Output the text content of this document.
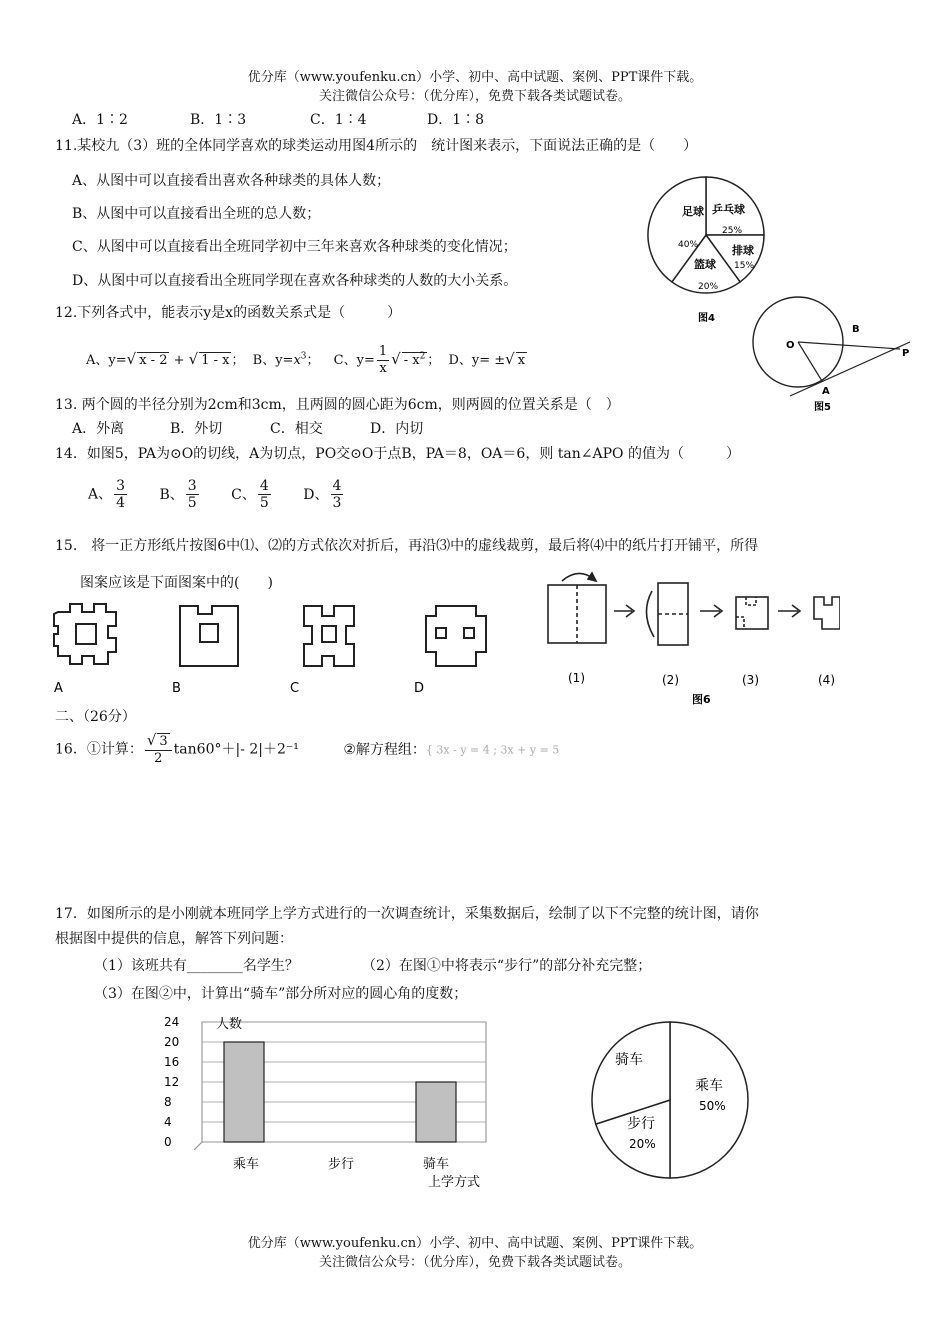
优分库（www.youfenku.cn）小学、初中、高中试题、案例、PPT课件下载。
关注微信公众号：（优分库），免费下载各类试题试卷。
A．1∶2	B．1∶3	C．1∶4	D．1∶8
11.某校九（3）班的全体同学喜欢的球类运动用图4所示的　统计图来表示，下面说法正确的是（　　）
A、从图中可以直接看出喜欢各种球类的具体人数；
B、从图中可以直接看出全班的总人数；
C、从图中可以直接看出全班同学初中三年来喜欢各种球类的变化情况；
D、从图中可以直接看出全班同学现在喜欢各种球类的人数的大小关系。
足球
40%
乒乓球
25%
排球
15%
篮球
20%
图4
O
B
P
A
图5
12.下列各式中，能表示y是x的函数关系式是（　　　）
A、y=√ x - 2 + √ 1 - x ； B、$y=x^3$； C、$y= \frac{1}{x}$ √ - $x^2$ ； D、y= ±√ x
13. 两个圆的半径分别为2cm和3cm，且两圆的圆心距为6cm，则两圆的位置关系是（　）
A．外离	B．外切	C．相交	D．内切
14．如图5，PA为⊙O的切线，A为切点，PO交⊙O于点B，PA＝8，OA＝6，则 tan∠APO 的值为（　　　）
A、 $\frac{3}{4}$ B、 $\frac{3}{5}$ C、 $\frac{4}{5}$ D、 $\frac{4}{3}$
15.　将一正方形纸片按图6中⑴、⑵的方式依次对折后，再沿⑶中的虚线裁剪，最后将⑷中的纸片打开铺平，所得
图案应该是下面图案中的(　　)
A	B	C	D
(1)	(2)	(3)	(4)
图6
二、（26分）
16．①计算： $\frac{√ 3}{2} \tan 60^\circ+|-$ 2|＋2⁻¹	②解方程组：{ 3x - y = 4 ; 3x + y = 5
17．如图所示的是小刚就本班同学上学方式进行的一次调查统计，采集数据后，绘制了以下不完整的统计图，请你
根据图中提供的信息，解答下列问题：
（1）该班共有________名学生？	（2）在图①中将表示“步行”的部分补充完整；
（3）在图②中，计算出“骑车”部分所对应的圆心角的度数；
0
4
8
12
16
20
24	人数
乘车	步行	骑车
上学方式
骑车
乘车
50%
步行
20%
优分库（www.youfenku.cn）小学、初中、高中试题、案例、PPT课件下载。
关注微信公众号：（优分库），免费下载各类试题试卷。
